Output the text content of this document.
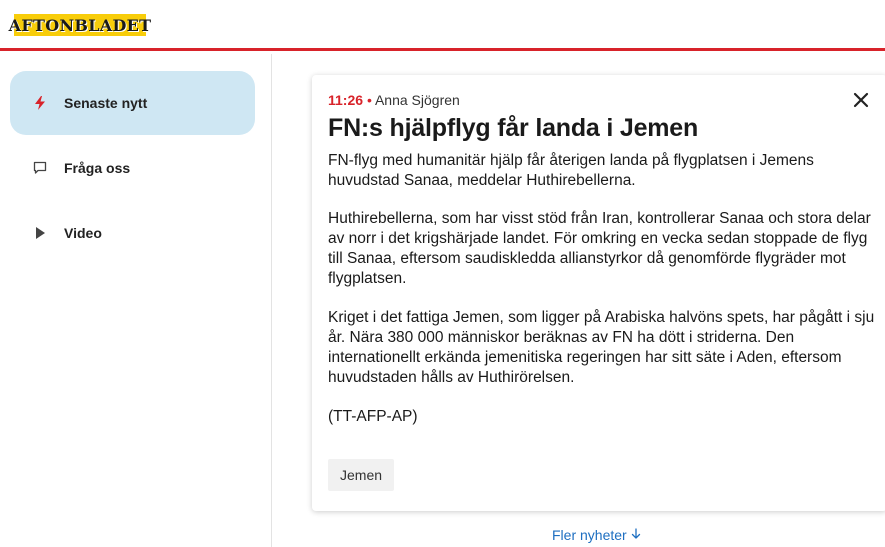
AFTONBLADET
Senaste nytt
Fråga oss
Video
11:26 • Anna Sjögren
FN:s hjälpflyg får landa i Jemen

FN-flyg med humanitär hjälp får återigen landa på flygplatsen i Jemens huvudstad Sanaa, meddelar Huthirebellerna.

Huthirebellerna, som har visst stöd från Iran, kontrollerar Sanaa och stora delar av norr i det krigshärjade landet. För omkring en vecka sedan stoppade de flyg till Sanaa, eftersom saudiskledda allianstyrkor då genomförde flygräder mot flygplatsen.

Kriget i det fattiga Jemen, som ligger på Arabiska halvöns spets, har pågått i sju år. Nära 380 000 människor beräknas av FN ha dött i striderna. Den internationellt erkända jemenitiska regeringen har sitt säte i Aden, eftersom huvudstaden hålls av Huthirörelsen.

(TT-AFP-AP)

Jemen
Fler nyheter
